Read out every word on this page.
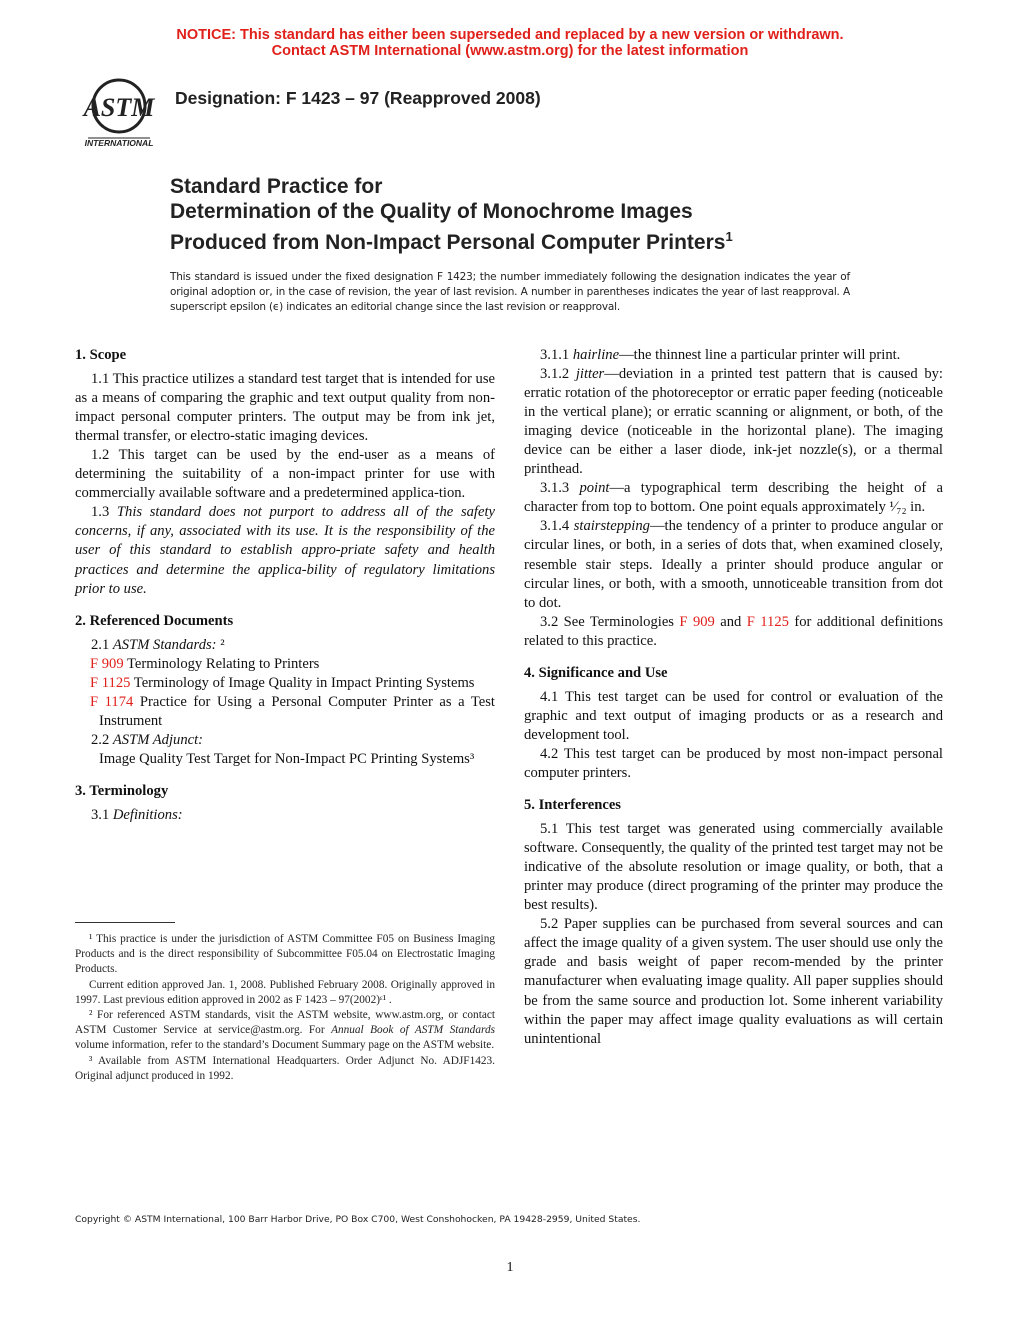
NOTICE: This standard has either been superseded and replaced by a new version or withdrawn.
Contact ASTM International (www.astm.org) for the latest information
ASTM
INTERNATIONAL
Designation: F 1423 – 97 (Reapproved 2008)
Standard Practice for
Determination of the Quality of Monochrome Images
Produced from Non-Impact Personal Computer Printers$^1$
This standard is issued under the fixed designation F 1423; the number immediately following the designation indicates the year of original adoption or, in the case of revision, the year of last revision. A number in parentheses indicates the year of last reapproval. A superscript epsilon (ϵ) indicates an editorial change since the last revision or reapproval.
1. Scope

1.1 This practice utilizes a standard test target that is intended for use as a means of comparing the graphic and text output quality from non-impact personal computer printers. The output may be from ink jet, thermal transfer, or electro-static imaging devices.

1.2 This target can be used by the end-user as a means of determining the suitability of a non-impact printer for use with commercially available software and a predetermined applica-tion.

1.3 This standard does not purport to address all of the safety concerns, if any, associated with its use. It is the responsibility of the user of this standard to establish appro-priate safety and health practices and determine the applica-bility of regulatory limitations prior to use.

2. Referenced Documents

2.1 ASTM Standards: ²

F 909 Terminology Relating to Printers

F 1125 Terminology of Image Quality in Impact Printing Systems

F 1174 Practice for Using a Personal Computer Printer as a Test Instrument

2.2 ASTM Adjunct:

Image Quality Test Target for Non-Impact PC Printing Systems³

3. Terminology

3.1 Definitions:

3.1.1 hairline—the thinnest line a particular printer will print.

3.1.2 jitter—deviation in a printed test pattern that is caused by: erratic rotation of the photoreceptor or erratic paper feeding (noticeable in the vertical plane); or erratic scanning or alignment, or both, of the imaging device (noticeable in the horizontal plane). The imaging device can be either a laser diode, ink-jet nozzle(s), or a thermal printhead.

3.1.3 point—a typographical term describing the height of a character from top to bottom. One point equals approximately ¹⁄₇₂ in.

3.1.4 stairstepping—the tendency of a printer to produce angular or circular lines, or both, in a series of dots that, when examined closely, resemble stair steps. Ideally a printer should produce angular or circular lines, or both, with a smooth, unnoticeable transition from dot to dot.

3.2 See Terminologies F 909 and F 1125 for additional definitions related to this practice.

4. Significance and Use

4.1 This test target can be used for control or evaluation of the graphic and text output of imaging products or as a research and development tool.

4.2 This test target can be produced by most non-impact personal computer printers.

5. Interferences

5.1 This test target was generated using commercially available software. Consequently, the quality of the printed test target may not be indicative of the absolute resolution or image quality, or both, that a printer may produce (direct programing of the printer may produce the best results).

5.2 Paper supplies can be purchased from several sources and can affect the image quality of a given system. The user should use only the grade and basis weight of paper recom-mended by the printer manufacturer when evaluating image quality. All paper supplies should be from the same source and production lot. Some inherent variability within the paper may affect image quality evaluations as will certain unintentional

¹ This practice is under the jurisdiction of ASTM Committee F05 on Business Imaging Products and is the direct responsibility of Subcommittee F05.04 on Electrostatic Imaging Products.

Current edition approved Jan. 1, 2008. Published February 2008. Originally approved in 1997. Last previous edition approved in 2002 as F 1423 – 97(2002)ᵋ¹ .

² For referenced ASTM standards, visit the ASTM website, www.astm.org, or contact ASTM Customer Service at service@astm.org. For Annual Book of ASTM Standards volume information, refer to the standard’s Document Summary page on the ASTM website.

³ Available from ASTM International Headquarters. Order Adjunct No. ADJF1423. Original adjunct produced in 1992.

Copyright © ASTM International, 100 Barr Harbor Drive, PO Box C700, West Conshohocken, PA 19428-2959, United States.
1
